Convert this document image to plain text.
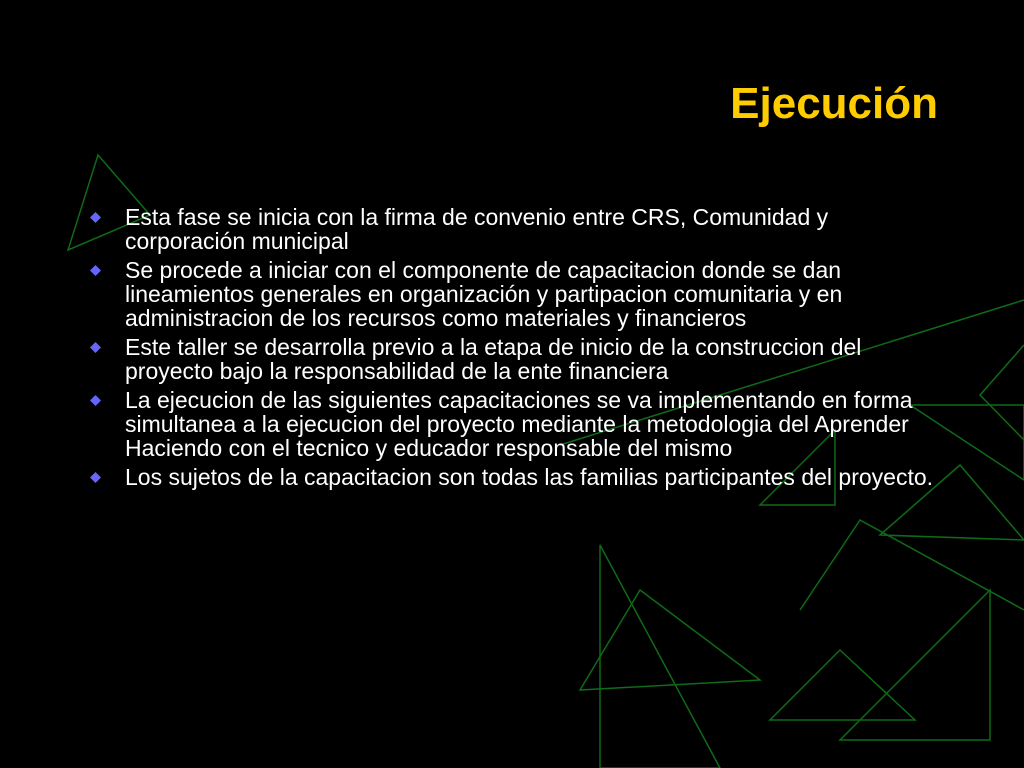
Ejecución
Esta fase se inicia con la firma de convenio entre CRS, Comunidad y corporación municipal
Se procede a iniciar con el componente de capacitacion donde se dan lineamientos generales en organización y partipacion comunitaria y en administracion de los recursos como materiales y financieros
Este taller se desarrolla previo a la etapa de inicio de la construccion del proyecto bajo la responsabilidad de la ente financiera
La ejecucion de las siguientes capacitaciones se va implementando en forma simultanea a la ejecucion del proyecto mediante la metodologia del Aprender Haciendo con el tecnico y educador responsable del mismo
Los sujetos de la capacitacion son todas las familias participantes del proyecto.
